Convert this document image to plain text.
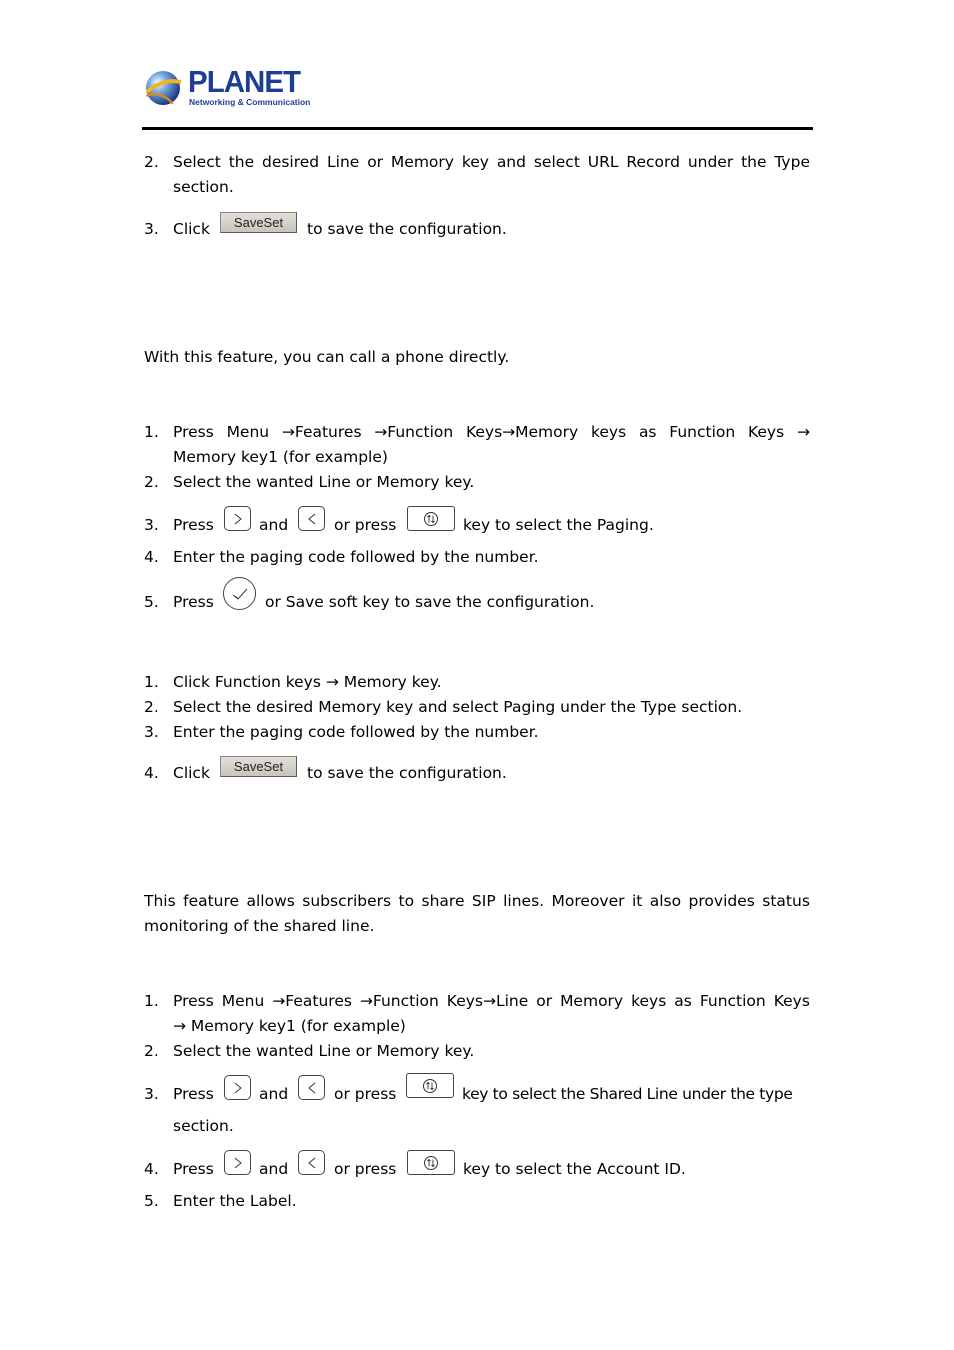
PLANET
Networking & Communication
2. Select the desired Line or Memory key and select URL Record under the Type
section.
3. Click	SaveSet	to save the configuration.
With this feature, you can call a phone directly.
1. Press Menu →Features →Function Keys→Memory keys as Function Keys →
Memory key1 (for example)
2. Select the wanted Line or Memory key.
3. Press	and	or press	key to select the Paging.
4. Enter the paging code followed by the number.
5. Press	or Save soft key to save the configuration.
1. Click Function keys → Memory key.
2. Select the desired Memory key and select Paging under the Type section.
3. Enter the paging code followed by the number.
4. Click	SaveSet	to save the configuration.
This feature allows subscribers to share SIP lines. Moreover it also provides status
monitoring of the shared line.
1. Press Menu →Features →Function Keys→Line or Memory keys as Function Keys
→ Memory key1 (for example)
2. Select the wanted Line or Memory key.
3. Press	and	or press	key to select the Shared Line under the type
section.
4. Press	and	or press	key to select the Account ID.
5. Enter the Label.
